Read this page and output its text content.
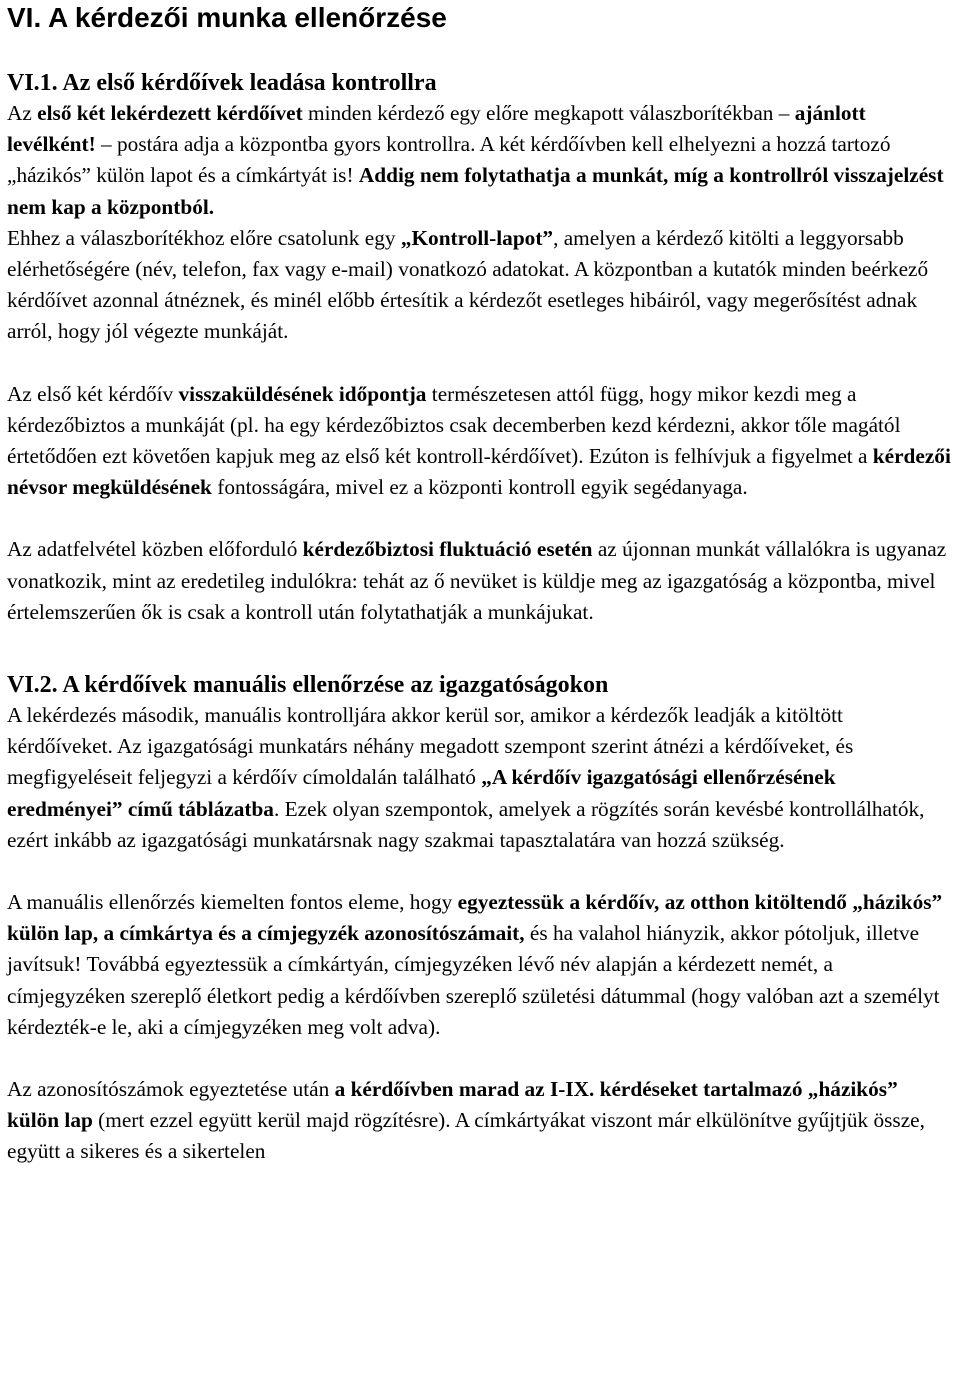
VI. A kérdezői munka ellenőrzése
VI.1. Az első kérdőívek leadása kontrollra

Az első két lekérdezett kérdőívet minden kérdező egy előre megkapott válaszborítékban – ajánlott levélként! – postára adja a központba gyors kontrollra. A két kérdőívben kell elhelyezni a hozzá tartozó „házikós” külön lapot és a címkártyát is! Addig nem folytathatja a munkát, míg a kontrollról visszajelzést nem kap a központból.
Ehhez a válaszborítékhoz előre csatolunk egy „Kontroll-lapot”, amelyen a kérdező kitölti a leggyorsabb elérhetőségére (név, telefon, fax vagy e-mail) vonatkozó adatokat. A központban a kutatók minden beérkező kérdőívet azonnal átnéznek, és minél előbb értesítik a kérdezőt esetleges hibáiról, vagy megerősítést adnak arról, hogy jól végezte munkáját.

Az első két kérdőív visszaküldésének időpontja természetesen attól függ, hogy mikor kezdi meg a kérdezőbiztos a munkáját (pl. ha egy kérdezőbiztos csak decemberben kezd kérdezni, akkor tőle magától értetődően ezt követően kapjuk meg az első két kontroll-kérdőívet). Ezúton is felhívjuk a figyelmet a kérdezői névsor megküldésének fontosságára, mivel ez a központi kontroll egyik segédanyaga.

Az adatfelvétel közben előforduló kérdezőbiztosi fluktuáció esetén az újonnan munkát vállalókra is ugyanaz vonatkozik, mint az eredetileg indulókra: tehát az ő nevüket is küldje meg az igazgatóság a központba, mivel értelemszerűen ők is csak a kontroll után folytathatják a munkájukat.

VI.2. A kérdőívek manuális ellenőrzése az igazgatóságokon

A lekérdezés második, manuális kontrolljára akkor kerül sor, amikor a kérdezők leadják a kitöltött kérdőíveket. Az igazgatósági munkatárs néhány megadott szempont szerint átnézi a kérdőíveket, és megfigyeléseit feljegyzi a kérdőív címoldalán található „A kérdőív igazgatósági ellenőrzésének eredményei” című táblázatba. Ezek olyan szempontok, amelyek a rögzítés során kevésbé kontrollálhatók, ezért inkább az igazgatósági munkatársnak nagy szakmai tapasztalatára van hozzá szükség.

A manuális ellenőrzés kiemelten fontos eleme, hogy egyeztessük a kérdőív, az otthon kitöltendő „házikós” külön lap, a címkártya és a címjegyzék azonosítószámait, és ha valahol hiányzik, akkor pótoljuk, illetve javítsuk! Továbbá egyeztessük a címkártyán, címjegyzéken lévő név alapján a kérdezett nemét, a címjegyzéken szereplő életkort pedig a kérdőívben szereplő születési dátummal (hogy valóban azt a személyt kérdezték-e le, aki a címjegyzéken meg volt adva).

Az azonosítószámok egyeztetése után a kérdőívben marad az I-IX. kérdéseket tartalmazó „házikós” külön lap (mert ezzel együtt kerül majd rögzítésre). A címkártyákat viszont már elkülönítve gyűjtjük össze, együtt a sikeres és a sikertelen
